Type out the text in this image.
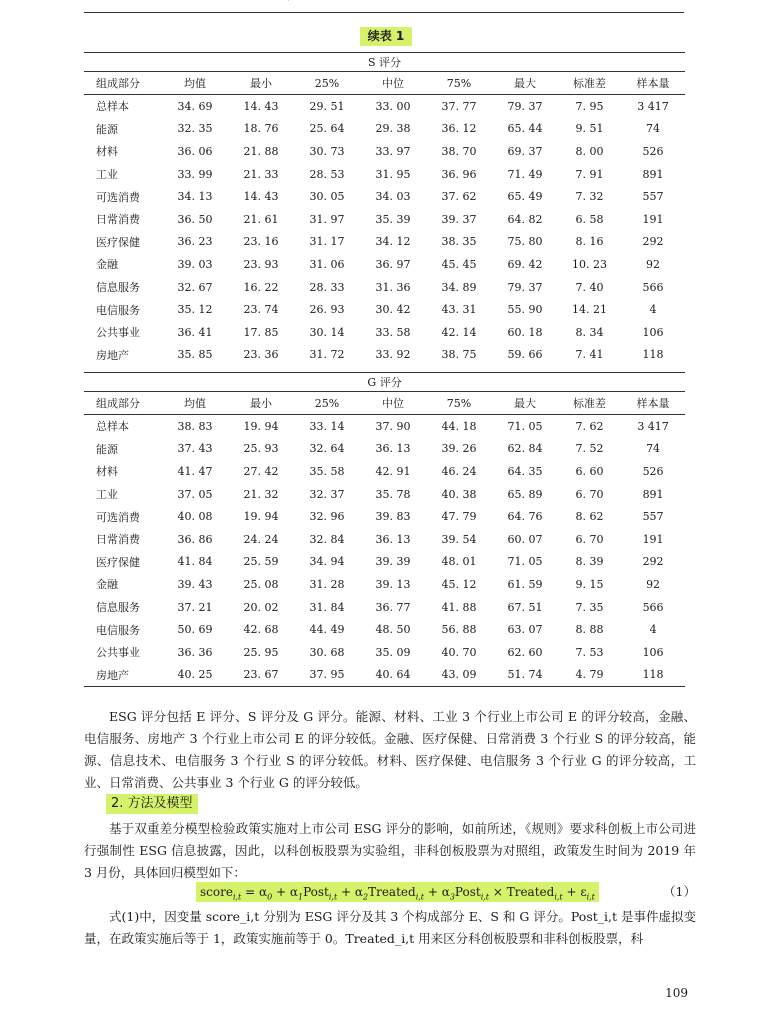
续表 1
S 评分								
组成部分	均值	最小	25%	中位	75%	最大	标准差	样本量
总样本	34. 69	14. 43	29. 51	33. 00	37. 77	79. 37	7. 95	3 417
能源	32. 35	18. 76	25. 64	29. 38	36. 12	65. 44	9. 51	74
材料	36. 06	21. 88	30. 73	33. 97	38. 70	69. 37	8. 00	526
工业	33. 99	21. 33	28. 53	31. 95	36. 96	71. 49	7. 91	891
可选消费	34. 13	14. 43	30. 05	34. 03	37. 62	65. 49	7. 32	557
日常消费	36. 50	21. 61	31. 97	35. 39	39. 37	64. 82	6. 58	191
医疗保健	36. 23	23. 16	31. 17	34. 12	38. 35	75. 80	8. 16	292
金融	39. 03	23. 93	31. 06	36. 97	45. 45	69. 42	10. 23	92
信息服务	32. 67	16. 22	28. 33	31. 36	34. 89	79. 37	7. 40	566
电信服务	35. 12	23. 74	26. 93	30. 42	43. 31	55. 90	14. 21	4
公共事业	36. 41	17. 85	30. 14	33. 58	42. 14	60. 18	8. 34	106
房地产	35. 85	23. 36	31. 72	33. 92	38. 75	59. 66	7. 41	118
G 评分								
组成部分	均值	最小	25%	中位	75%	最大	标准差	样本量
总样本	38. 83	19. 94	33. 14	37. 90	44. 18	71. 05	7. 62	3 417
能源	37. 43	25. 93	32. 64	36. 13	39. 26	62. 84	7. 52	74
材料	41. 47	27. 42	35. 58	42. 91	46. 24	64. 35	6. 60	526
工业	37. 05	21. 32	32. 37	35. 78	40. 38	65. 89	6. 70	891
可选消费	40. 08	19. 94	32. 96	39. 83	47. 79	64. 76	8. 62	557
日常消费	36. 86	24. 24	32. 84	36. 13	39. 54	60. 07	6. 70	191
医疗保健	41. 84	25. 59	34. 94	39. 39	48. 01	71. 05	8. 39	292
金融	39. 43	25. 08	31. 28	39. 13	45. 12	61. 59	9. 15	92
信息服务	37. 21	20. 02	31. 84	36. 77	41. 88	67. 51	7. 35	566
电信服务	50. 69	42. 68	44. 49	48. 50	56. 88	63. 07	8. 88	4
公共事业	36. 36	25. 95	30. 68	35. 09	40. 70	62. 60	7. 53	106
房地产	40. 25	23. 67	37. 95	40. 64	43. 09	51. 74	4. 79	118

ESG 评分包括 E 评分、S 评分及 G 评分。能源、材料、工业 3 个行业上市公司 E 的评分较高，金融、电信服务、房地产 3 个行业上市公司 E 的评分较低。金融、医疗保健、日常消费 3 个行业 S 的评分较高，能源、信息技术、电信服务 3 个行业 S 的评分较低。材料、医疗保健、电信服务 3 个行业 G 的评分较高，工业、日常消费、公共事业 3 个行业 G 的评分较低。

2. 方法及模型

基于双重差分模型检验政策实施对上市公司 ESG 评分的影响，如前所述，《规则》要求科创板上市公司进行强制性 ESG 信息披露，因此，以科创板股票为实验组，非科创板股票为对照组，政策发生时间为 2019 年 3 月份，具体回归模型如下：

score$_{i,t}$ = $\alpha_0$ + $\alpha_1Post_{i,t}$ + $\alpha_2Treated_{i,t}$ + $\alpha_3Post_{i,t}$ × Treated$_{i,t}$ + $\varepsilon_{i,t}$	（1）

式(1)中，因变量 score_i,t 分别为 ESG 评分及其 3 个构成部分 E、S 和 G 评分。Post_i,t 是事件虚拟变量，在政策实施后等于 1，政策实施前等于 0。Treated_i,t 用来区分科创板股票和非科创板股票，科

109
